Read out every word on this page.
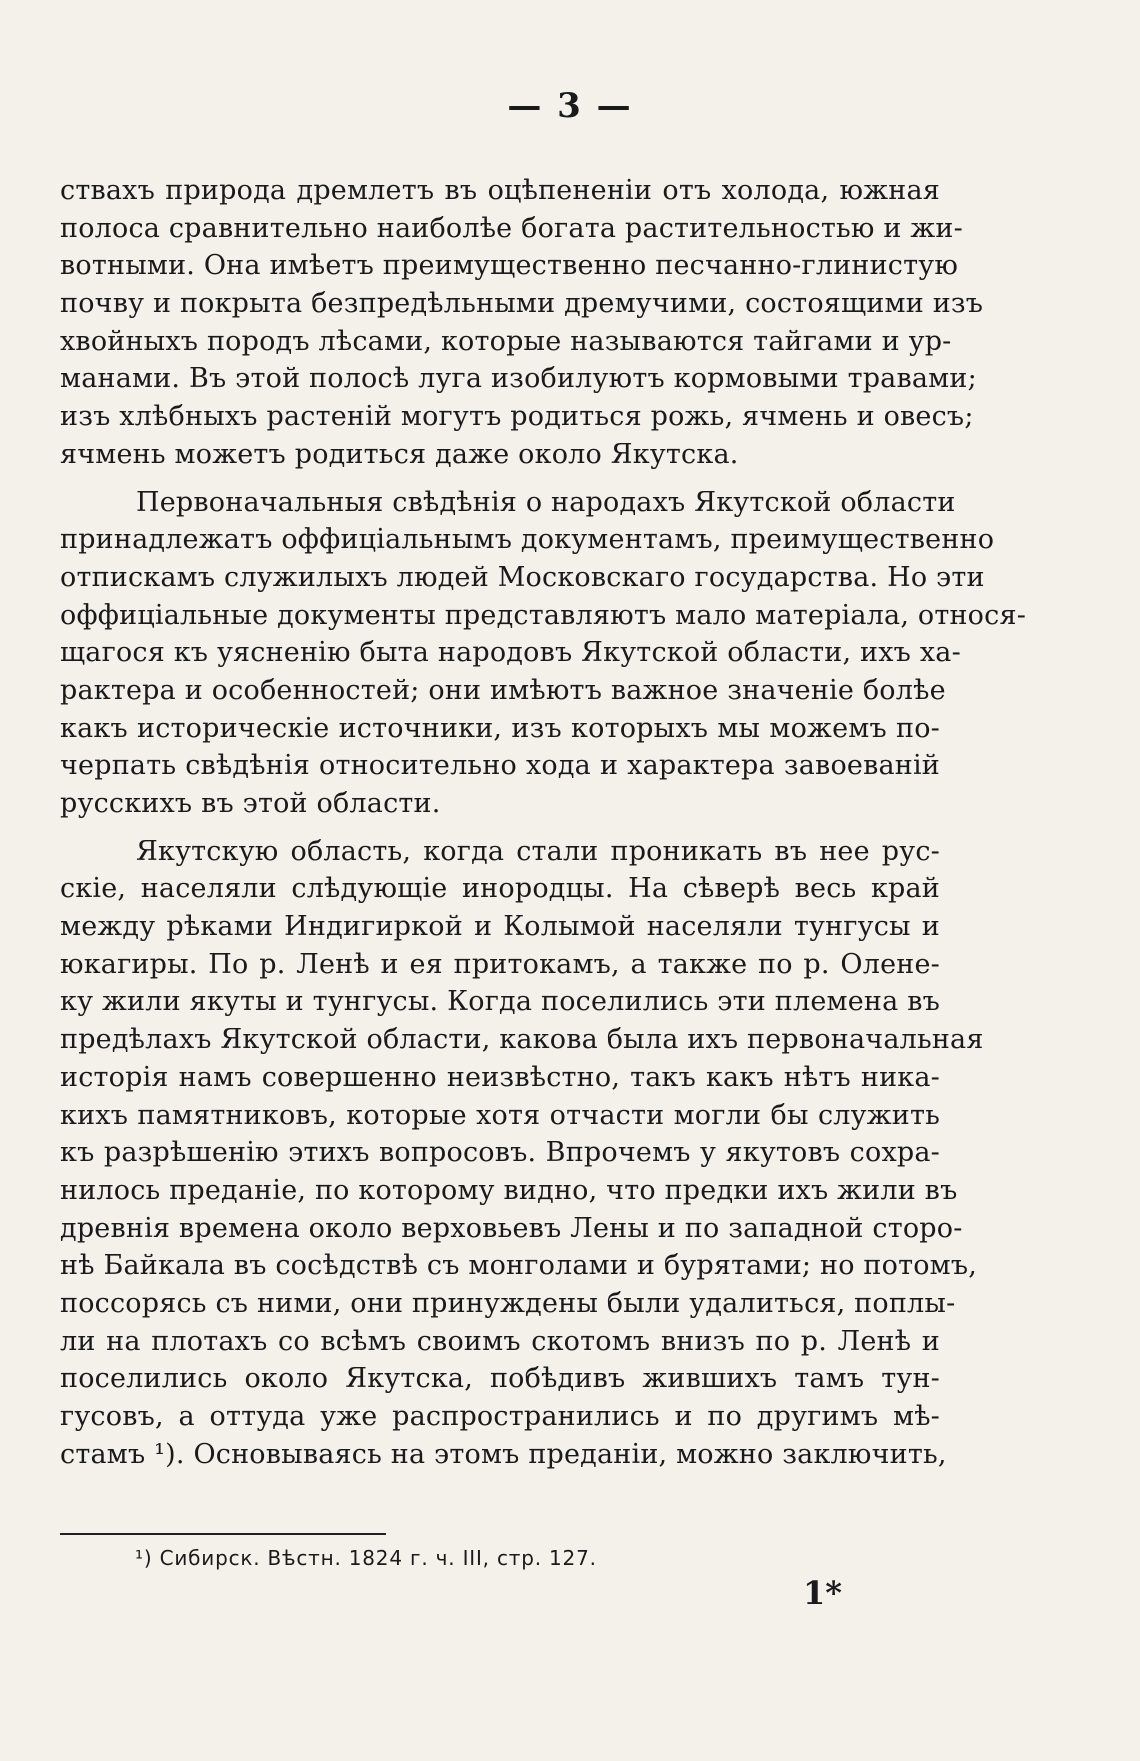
— 3 —
ствахъ природа дремлетъ въ оцѣпененіи отъ холода, южная
полоса сравнительно наиболѣе богата растительностью и жи-
вотными. Она имѣетъ преимущественно песчанно-глинистую
почву и покрыта безпредѣльными дремучими, состоящими изъ
хвойныхъ породъ лѣсами, которые называются тайгами и ур-
манами. Въ этой полосѣ луга изобилуютъ кормовыми травами;
изъ хлѣбныхъ растеній могутъ родиться рожь, ячмень и овесъ;
ячмень можетъ родиться даже около Якутска.
Первоначальныя свѣдѣнія о народахъ Якутской области
принадлежатъ оффиціальнымъ документамъ, преимущественно
отпискамъ служилыхъ людей Московскаго государства. Но эти
оффиціальные документы представляютъ мало матеріала, относя-
щагося къ уясненію быта народовъ Якутской области, ихъ ха-
рактера и особенностей; они имѣютъ важное значеніе болѣе
какъ историческіе источники, изъ которыхъ мы можемъ по-
черпать свѣдѣнія относительно хода и характера завоеваній
русскихъ въ этой области.
Якутскую область, когда стали проникать въ нее рус-
скіе, населяли слѣдующіе инородцы. На сѣверѣ весь край
между рѣками Индигиркой и Колымой населяли тунгусы и
юкагиры. По р. Ленѣ и ея притокамъ, а также по р. Оленe-
ку жили якуты и тунгусы. Когда поселились эти племена въ
предѣлахъ Якутской области, какова была ихъ первоначальная
исторія намъ совершенно неизвѣстно, такъ какъ нѣтъ ника-
кихъ памятниковъ, которые хотя отчасти могли бы служить
къ разрѣшенію этихъ вопросовъ. Впрочемъ у якутовъ сохра-
нилось преданіе, по которому видно, что предки ихъ жили въ
древнія времена около верховьевъ Лены и по западной сторо-
нѣ Байкала въ сосѣдствѣ съ монголами и бурятами; но потомъ,
поссорясь съ ними, они принуждены были удалиться, поплы-
ли на плотахъ со всѣмъ своимъ скотомъ внизъ по р. Ленѣ и
поселились около Якутска, побѣдивъ жившихъ тамъ тун-
гусовъ, а оттуда уже распространились и по другимъ мѣ-
стамъ ¹). Основываясь на этомъ преданіи, можно заключить,
¹) Сибирск. Вѣстн. 1824 г. ч. III, стр. 127.
1*
